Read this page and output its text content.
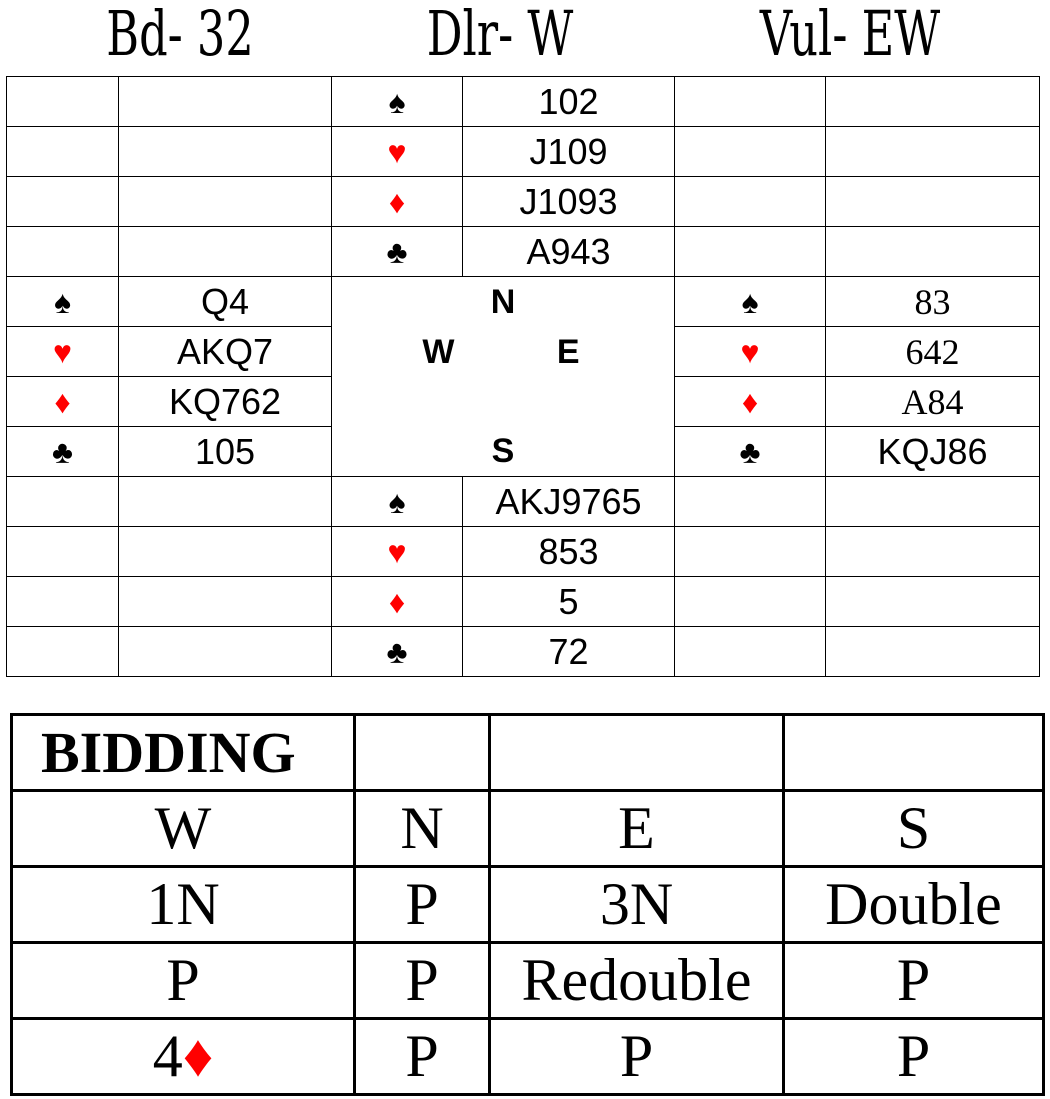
Bd- 32	Dlr- W	Vul- EW
		♠	102		
		♥	J109		
		♦	J1093		
		♣	A943		
♠	Q4	N		♠	83
♥	AKQ7	W	E	♥	642
♦	KQ762			♦	A84
♣	105	S		♣	KQJ86
		♠	AKJ9765		
		♥	853		
		♦	5		
		♣	72		
BIDDING			
W	N	E	S
1N	P	3N	Double
P	P	Redouble	P
4♦	P	P	P
